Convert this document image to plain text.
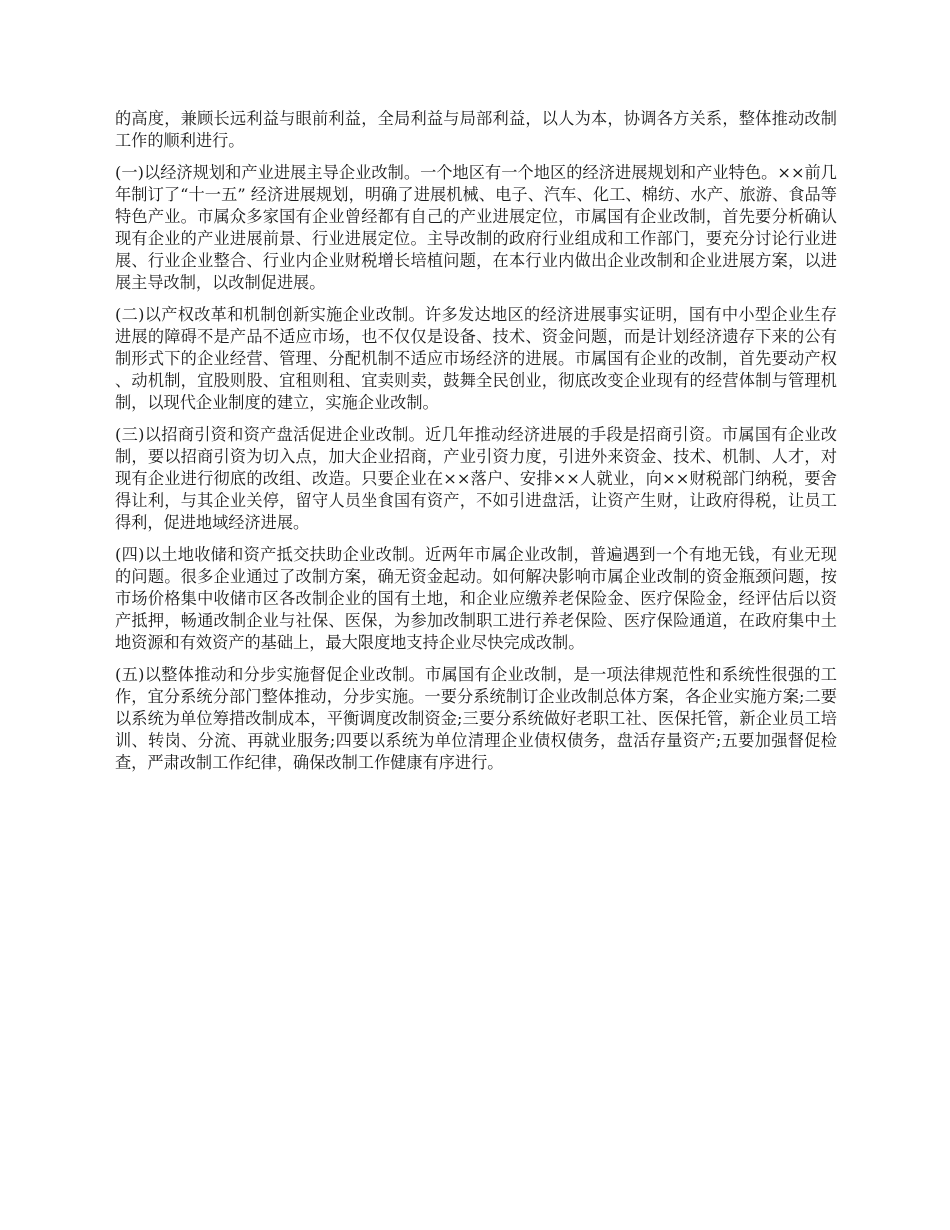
的高度，兼顾长远利益与眼前利益，全局利益与局部利益，以人为本，协调各方关系，整体推动改制工作的顺利进行。

(一)以经济规划和产业进展主导企业改制。一个地区有一个地区的经济进展规划和产业特色。××前几年制订了“十一五” 经济进展规划，明确了进展机械、电子、汽车、化工、棉纺、水产、旅游、食品等特色产业。市属众多家国有企业曾经都有自己的产业进展定位，市属国有企业改制，首先要分析确认现有企业的产业进展前景、行业进展定位。主导改制的政府行业组成和工作部门，要充分讨论行业进展、行业企业整合、行业内企业财税增长培植问题，在本行业内做出企业改制和企业进展方案，以进展主导改制，以改制促进展。

(二)以产权改革和机制创新实施企业改制。许多发达地区的经济进展事实证明，国有中小型企业生存进展的障碍不是产品不适应市场，也不仅仅是设备、技术、资金问题，而是计划经济遗存下来的公有制形式下的企业经营、管理、分配机制不适应市场经济的进展。市属国有企业的改制，首先要动产权、动机制，宜股则股、宜租则租、宜卖则卖，鼓舞全民创业，彻底改变企业现有的经营体制与管理机制，以现代企业制度的建立，实施企业改制。

(三)以招商引资和资产盘活促进企业改制。近几年推动经济进展的手段是招商引资。市属国有企业改制，要以招商引资为切入点，加大企业招商，产业引资力度，引进外来资金、技术、机制、人才，对现有企业进行彻底的改组、改造。只要企业在××落户、安排××人就业，向××财税部门纳税，要舍得让利，与其企业关停，留守人员坐食国有资产，不如引进盘活，让资产生财，让政府得税，让员工得利，促进地域经济进展。

(四)以土地收储和资产抵交扶助企业改制。近两年市属企业改制，普遍遇到一个有地无钱，有业无现的问题。很多企业通过了改制方案，确无资金起动。如何解决影响市属企业改制的资金瓶颈问题，按市场价格集中收储市区各改制企业的国有土地，和企业应缴养老保险金、医疗保险金，经评估后以资产抵押，畅通改制企业与社保、医保，为参加改制职工进行养老保险、医疗保险通道，在政府集中土地资源和有效资产的基础上，最大限度地支持企业尽快完成改制。

(五)以整体推动和分步实施督促企业改制。市属国有企业改制，是一项法律规范性和系统性很强的工作，宜分系统分部门整体推动，分步实施。一要分系统制订企业改制总体方案，各企业实施方案;二要以系统为单位筹措改制成本，平衡调度改制资金;三要分系统做好老职工社、医保托管，新企业员工培训、转岗、分流、再就业服务;四要以系统为单位清理企业债权债务，盘活存量资产;五要加强督促检查，严肃改制工作纪律，确保改制工作健康有序进行。
